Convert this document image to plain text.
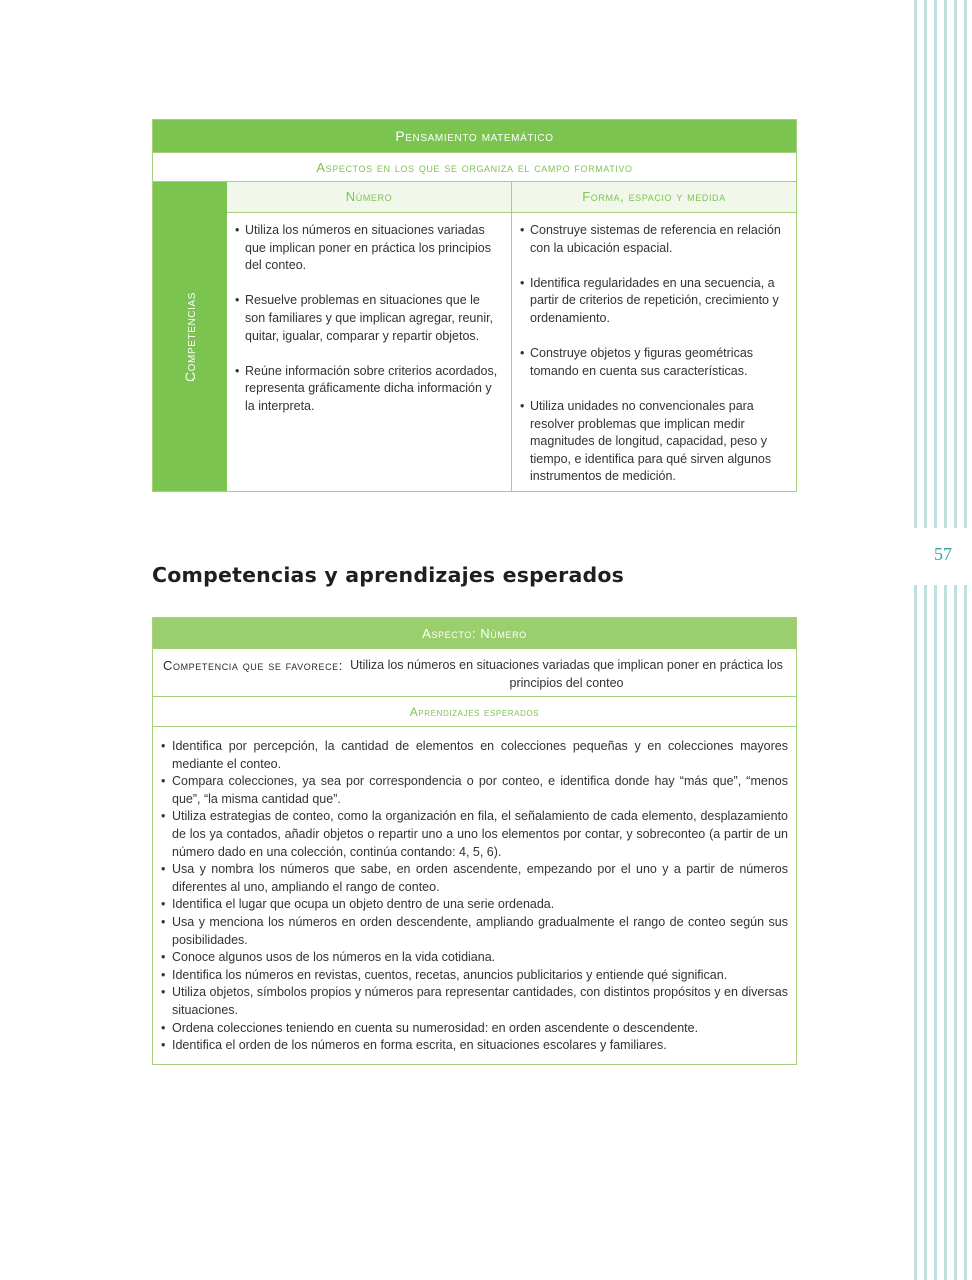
57
Pensamiento matemático
Aspectos en los que se organiza el campo formativo
Competencias
Número
• Utiliza los números en situaciones variadas que implican poner en práctica los principios del conteo.
• Resuelve problemas en situaciones que le son familiares y que implican agregar, reunir, quitar, igualar, comparar y repartir objetos.
• Reúne información sobre criterios acordados, representa gráficamente dicha información y la interpreta.
Forma, espacio y medida
• Construye sistemas de referencia en relación con la ubicación espacial.
• Identifica regularidades en una secuencia, a partir de criterios de repetición, crecimiento y ordenamiento.
• Construye objetos y figuras geométricas tomando en cuenta sus características.
• Utiliza unidades no convencionales para resolver problemas que implican medir magnitudes de longitud, capacidad, peso y tiempo, e identifica para qué sirven algunos instrumentos de medición.
Competencias y aprendizajes esperados
Aspecto: Número
Competencia que se favorece: Utiliza los números en situaciones variadas que implican poner en práctica los principios del conteo
Aprendizajes esperados
• Identifica por percepción, la cantidad de elementos en colecciones pequeñas y en colecciones mayores mediante el conteo.
• Compara colecciones, ya sea por correspondencia o por conteo, e identifica donde hay “más que”, “menos que”, “la misma cantidad que”.
• Utiliza estrategias de conteo, como la organización en fila, el señalamiento de cada elemento, desplazamiento de los ya contados, añadir objetos o repartir uno a uno los elementos por contar, y sobreconteo (a partir de un número dado en una colección, continúa contando: 4, 5, 6).
• Usa y nombra los números que sabe, en orden ascendente, empezando por el uno y a partir de números diferentes al uno, ampliando el rango de conteo.
• Identifica el lugar que ocupa un objeto dentro de una serie ordenada.
• Usa y menciona los números en orden descendente, ampliando gradualmente el rango de conteo según sus posibilidades.
• Conoce algunos usos de los números en la vida cotidiana.
• Identifica los números en revistas, cuentos, recetas, anuncios publicitarios y entiende qué significan.
• Utiliza objetos, símbolos propios y números para representar cantidades, con distintos propósitos y en diversas situaciones.
• Ordena colecciones teniendo en cuenta su numerosidad: en orden ascendente o descendente.
• Identifica el orden de los números en forma escrita, en situaciones escolares y familiares.
